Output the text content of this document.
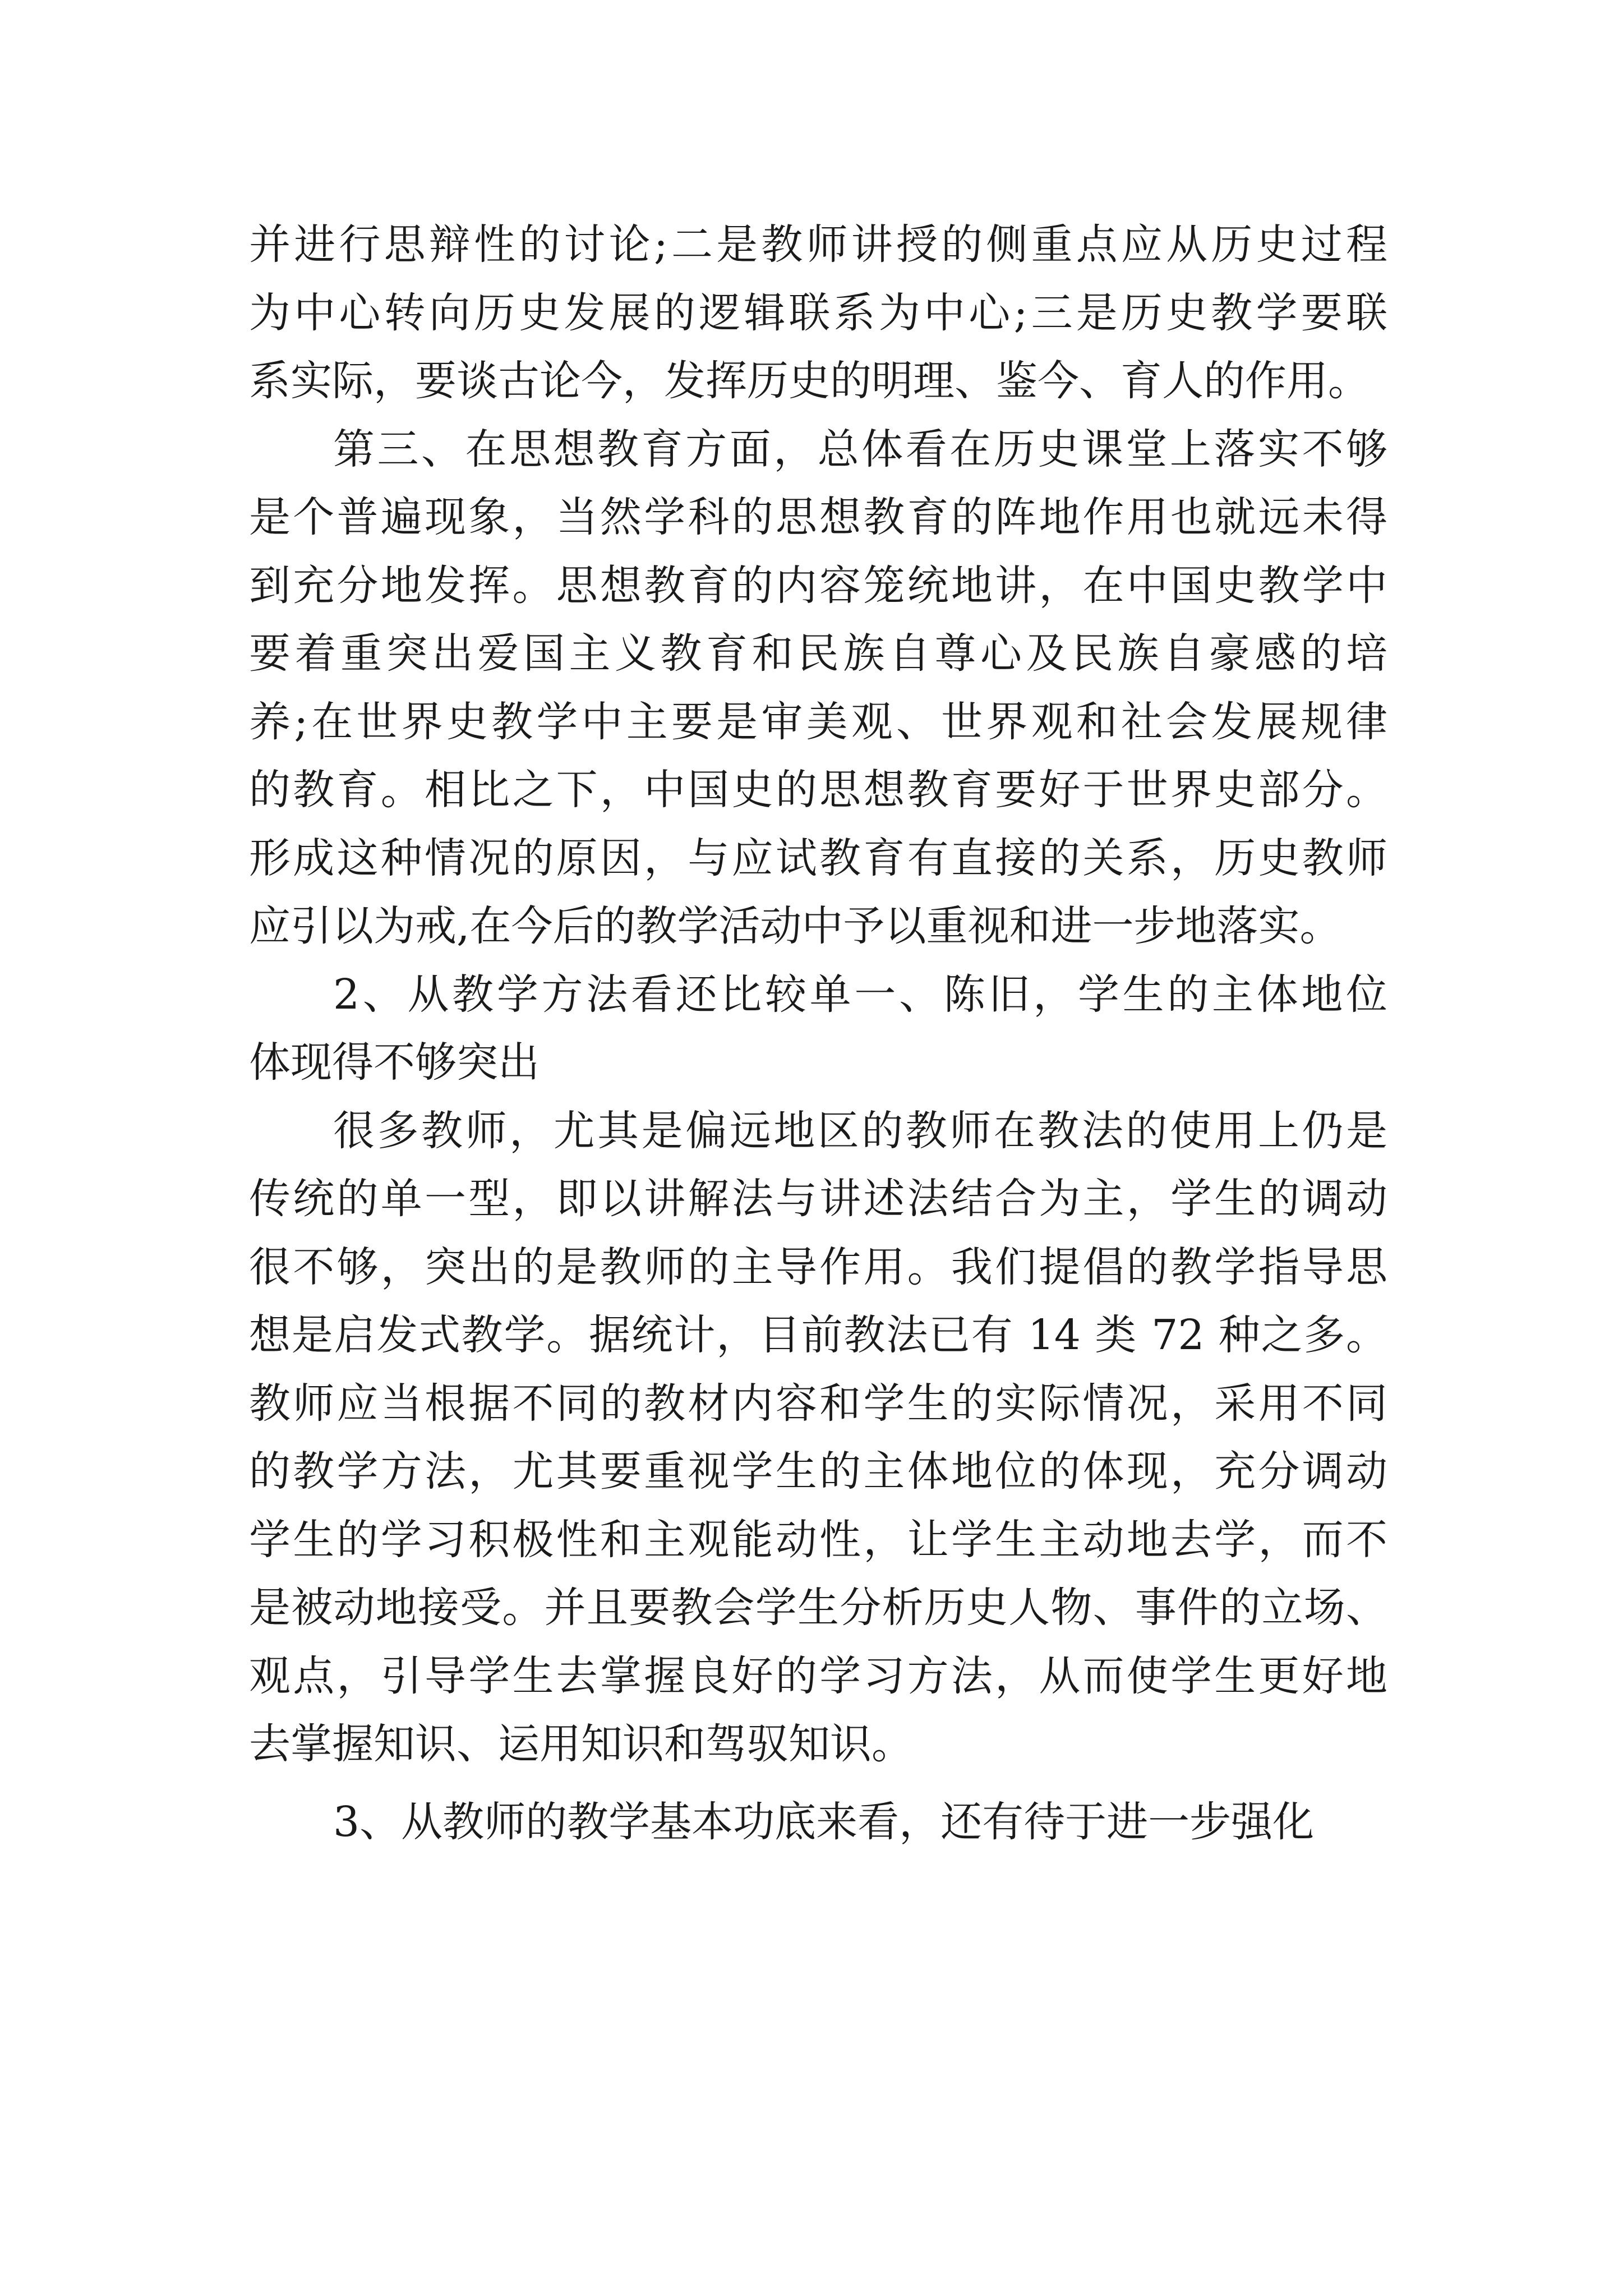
并进行思辩性的讨论;二是教师讲授的侧重点应从历史过程
为中心转向历史发展的逻辑联系为中心;三是历史教学要联
系实际，要谈古论今，发挥历史的明理、鉴今、育人的作用。
第三、在思想教育方面，总体看在历史课堂上落实不够
是个普遍现象，当然学科的思想教育的阵地作用也就远未得
到充分地发挥。思想教育的内容笼统地讲，在中国史教学中
要着重突出爱国主义教育和民族自尊心及民族自豪感的培
养;在世界史教学中主要是审美观、世界观和社会发展规律
的教育。相比之下，中国史的思想教育要好于世界史部分。
形成这种情况的原因，与应试教育有直接的关系，历史教师
应引以为戒,在今后的教学活动中予以重视和进一步地落实。
2、从教学方法看还比较单一、陈旧，学生的主体地位
体现得不够突出
很多教师，尤其是偏远地区的教师在教法的使用上仍是
传统的单一型，即以讲解法与讲述法结合为主，学生的调动
很不够，突出的是教师的主导作用。我们提倡的教学指导思
想是启发式教学。据统计，目前教法已有 14 类 72 种之多。
教师应当根据不同的教材内容和学生的实际情况，采用不同
的教学方法，尤其要重视学生的主体地位的体现，充分调动
学生的学习积极性和主观能动性，让学生主动地去学，而不
是被动地接受。并且要教会学生分析历史人物、事件的立场、
观点，引导学生去掌握良好的学习方法，从而使学生更好地
去掌握知识、运用知识和驾驭知识。
3、从教师的教学基本功底来看，还有待于进一步强化
